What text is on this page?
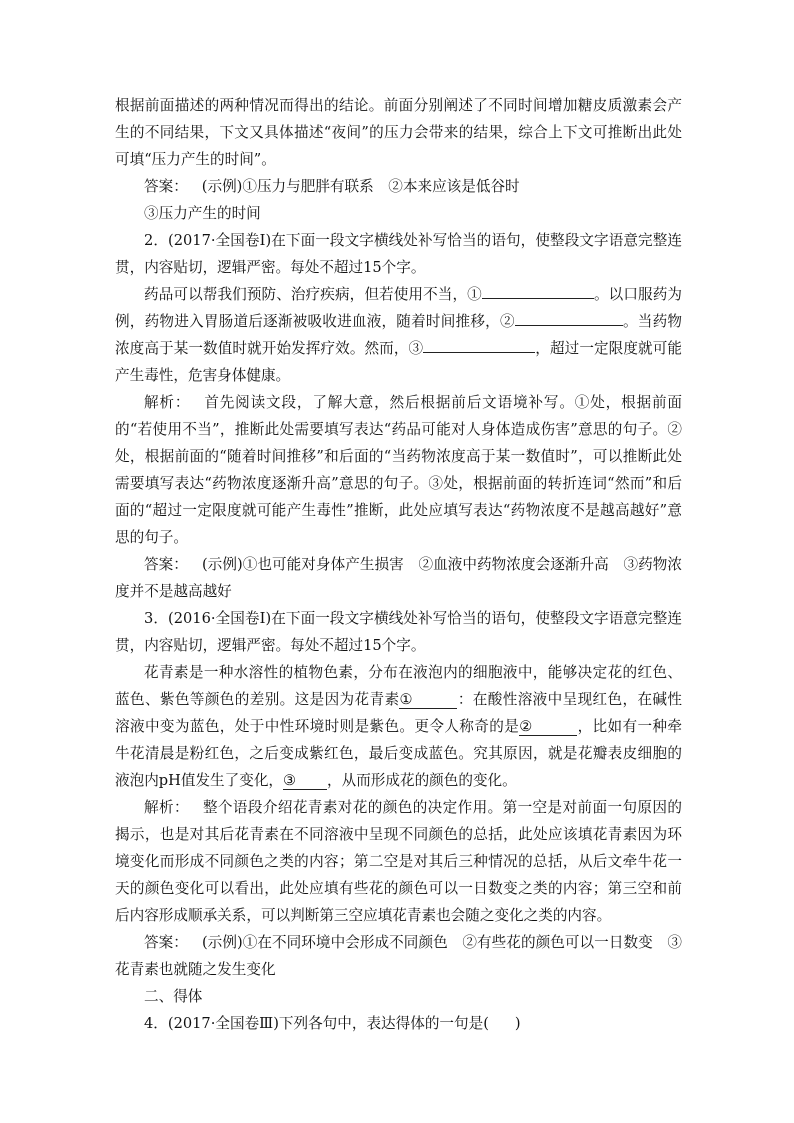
根据前面描述的两种情况而得出的结论。前面分别阐述了不同时间增加糖皮质激素会产生的不同结果，下文又具体描述“夜间”的压力会带来的结果，综合上下文可推断出此处可填“压力产生的时间”。

答案： (示例)①压力与肥胖有联系　②本来应该是低谷时

③压力产生的时间

2．(2017·全国卷Ⅰ)在下面一段文字横线处补写恰当的语句，使整段文字语意完整连贯，内容贴切，逻辑严密。每处不超过15个字。

药品可以帮我们预防、治疗疾病，但若使用不当，①	。以口服药为例，药物进入胃肠道后逐渐被吸收进血液，随着时间推移，②	。当药物浓度高于某一数值时就开始发挥疗效。然而，③	，超过一定限度就可能产生毒性，危害身体健康。

解析： 首先阅读文段，了解大意，然后根据前后文语境补写。①处，根据前面的“若使用不当”，推断此处需要填写表达“药品可能对人身体造成伤害”意思的句子。②处，根据前面的“随着时间推移”和后面的“当药物浓度高于某一数值时”，可以推断此处需要填写表达“药物浓度逐渐升高”意思的句子。③处，根据前面的转折连词“然而”和后面的“超过一定限度就可能产生毒性”推断，此处应填写表达“药物浓度不是越高越好”意思的句子。

答案： (示例)①也可能对身体产生损害　②血液中药物浓度会逐渐升高　③药物浓度并不是越高越好

3．(2016·全国卷Ⅰ)在下面一段文字横线处补写恰当的语句，使整段文字语意完整连贯，内容贴切，逻辑严密。每处不超过15个字。

花青素是一种水溶性的植物色素，分布在液泡内的细胞液中，能够决定花的红色、蓝色、紫色等颜色的差别。这是因为花青素①	：在酸性溶液中呈现红色，在碱性溶液中变为蓝色，处于中性环境时则是紫色。更令人称奇的是②	，比如有一种牵牛花清晨是粉红色，之后变成紫红色，最后变成蓝色。究其原因，就是花瓣表皮细胞的液泡内pH值发生了变化，③ ，从而形成花的颜色的变化。

解析： 整个语段介绍花青素对花的颜色的决定作用。第一空是对前面一句原因的揭示，也是对其后花青素在不同溶液中呈现不同颜色的总括，此处应该填花青素因为环境变化而形成不同颜色之类的内容；第二空是对其后三种情况的总括，从后文牵牛花一天的颜色变化可以看出，此处应填有些花的颜色可以一日数变之类的内容；第三空和前后内容形成顺承关系，可以判断第三空应填花青素也会随之变化之类的内容。

答案： (示例)①在不同环境中会形成不同颜色　②有些花的颜色可以一日数变　③花青素也就随之发生变化

二、得体

4．(2017·全国卷Ⅲ)下列各句中，表达得体的一句是( )
